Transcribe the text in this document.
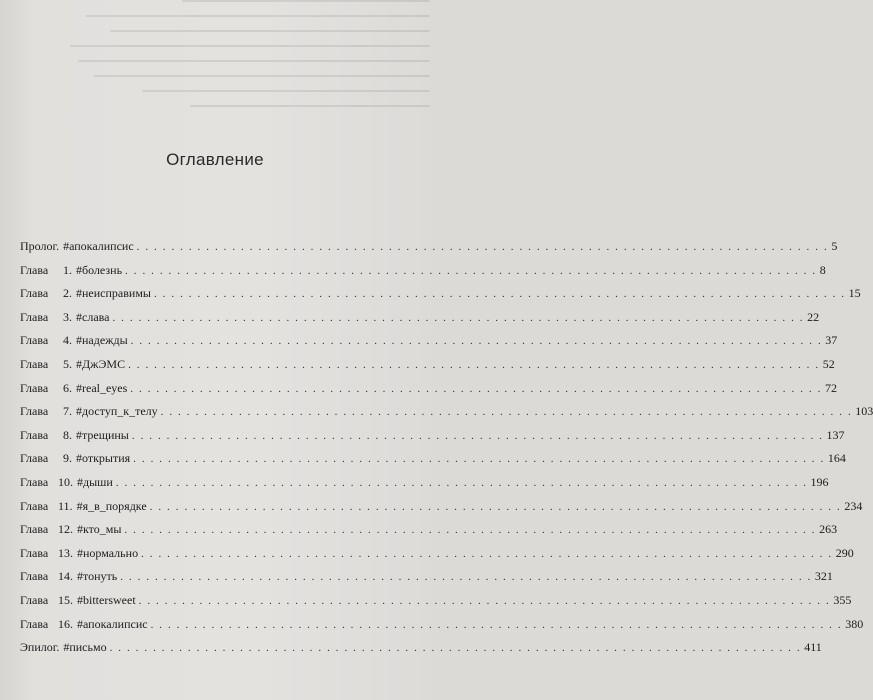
Оглавление
Пролог. #апокалипсис . . . . . . . . . . . . . . . . . . . . . . . . . . . . . . . . . . . . . . . . . . . . . . . . . . . . . . . . . . . . . . . . . . . . . . . . . . . . . . . . 5
Глава 1. #болезнь . . . . . . . . . . . . . . . . . . . . . . . . . . . . . . . . . . . . . . . . . . . . . . . . . . . . . . . . . . . . . . . . . . . . . . . . . . . . . . . . 8
Глава 2. #неисправимы . . . . . . . . . . . . . . . . . . . . . . . . . . . . . . . . . . . . . . . . . . . . . . . . . . . . . . . . . . . . . . . . . . . . . . . . . . . . . . . . 15
Глава 3. #слава . . . . . . . . . . . . . . . . . . . . . . . . . . . . . . . . . . . . . . . . . . . . . . . . . . . . . . . . . . . . . . . . . . . . . . . . . . . . . . . . 22
Глава 4. #надежды . . . . . . . . . . . . . . . . . . . . . . . . . . . . . . . . . . . . . . . . . . . . . . . . . . . . . . . . . . . . . . . . . . . . . . . . . . . . . . . . 37
Глава 5. #ДжЭМС . . . . . . . . . . . . . . . . . . . . . . . . . . . . . . . . . . . . . . . . . . . . . . . . . . . . . . . . . . . . . . . . . . . . . . . . . . . . . . . . 52
Глава 6. #real_eyes . . . . . . . . . . . . . . . . . . . . . . . . . . . . . . . . . . . . . . . . . . . . . . . . . . . . . . . . . . . . . . . . . . . . . . . . . . . . . . . . 72
Глава 7. #доступ_к_телу . . . . . . . . . . . . . . . . . . . . . . . . . . . . . . . . . . . . . . . . . . . . . . . . . . . . . . . . . . . . . . . . . . . . . . . . . . . . . . . . 103
Глава 8. #трещины . . . . . . . . . . . . . . . . . . . . . . . . . . . . . . . . . . . . . . . . . . . . . . . . . . . . . . . . . . . . . . . . . . . . . . . . . . . . . . . . 137
Глава 9. #открытия . . . . . . . . . . . . . . . . . . . . . . . . . . . . . . . . . . . . . . . . . . . . . . . . . . . . . . . . . . . . . . . . . . . . . . . . . . . . . . . . 164
Глава 10. #дыши . . . . . . . . . . . . . . . . . . . . . . . . . . . . . . . . . . . . . . . . . . . . . . . . . . . . . . . . . . . . . . . . . . . . . . . . . . . . . . . . 196
Глава 11. #я_в_порядке . . . . . . . . . . . . . . . . . . . . . . . . . . . . . . . . . . . . . . . . . . . . . . . . . . . . . . . . . . . . . . . . . . . . . . . . . . . . . . . . 234
Глава 12. #кто_мы . . . . . . . . . . . . . . . . . . . . . . . . . . . . . . . . . . . . . . . . . . . . . . . . . . . . . . . . . . . . . . . . . . . . . . . . . . . . . . . . 263
Глава 13. #нормально . . . . . . . . . . . . . . . . . . . . . . . . . . . . . . . . . . . . . . . . . . . . . . . . . . . . . . . . . . . . . . . . . . . . . . . . . . . . . . . . 290
Глава 14. #тонуть . . . . . . . . . . . . . . . . . . . . . . . . . . . . . . . . . . . . . . . . . . . . . . . . . . . . . . . . . . . . . . . . . . . . . . . . . . . . . . . . 321
Глава 15. #bittersweet . . . . . . . . . . . . . . . . . . . . . . . . . . . . . . . . . . . . . . . . . . . . . . . . . . . . . . . . . . . . . . . . . . . . . . . . . . . . . . . . 355
Глава 16. #апокалипсис . . . . . . . . . . . . . . . . . . . . . . . . . . . . . . . . . . . . . . . . . . . . . . . . . . . . . . . . . . . . . . . . . . . . . . . . . . . . . . . . 380
Эпилог. #письмо . . . . . . . . . . . . . . . . . . . . . . . . . . . . . . . . . . . . . . . . . . . . . . . . . . . . . . . . . . . . . . . . . . . . . . . . . . . . . . . . 411
